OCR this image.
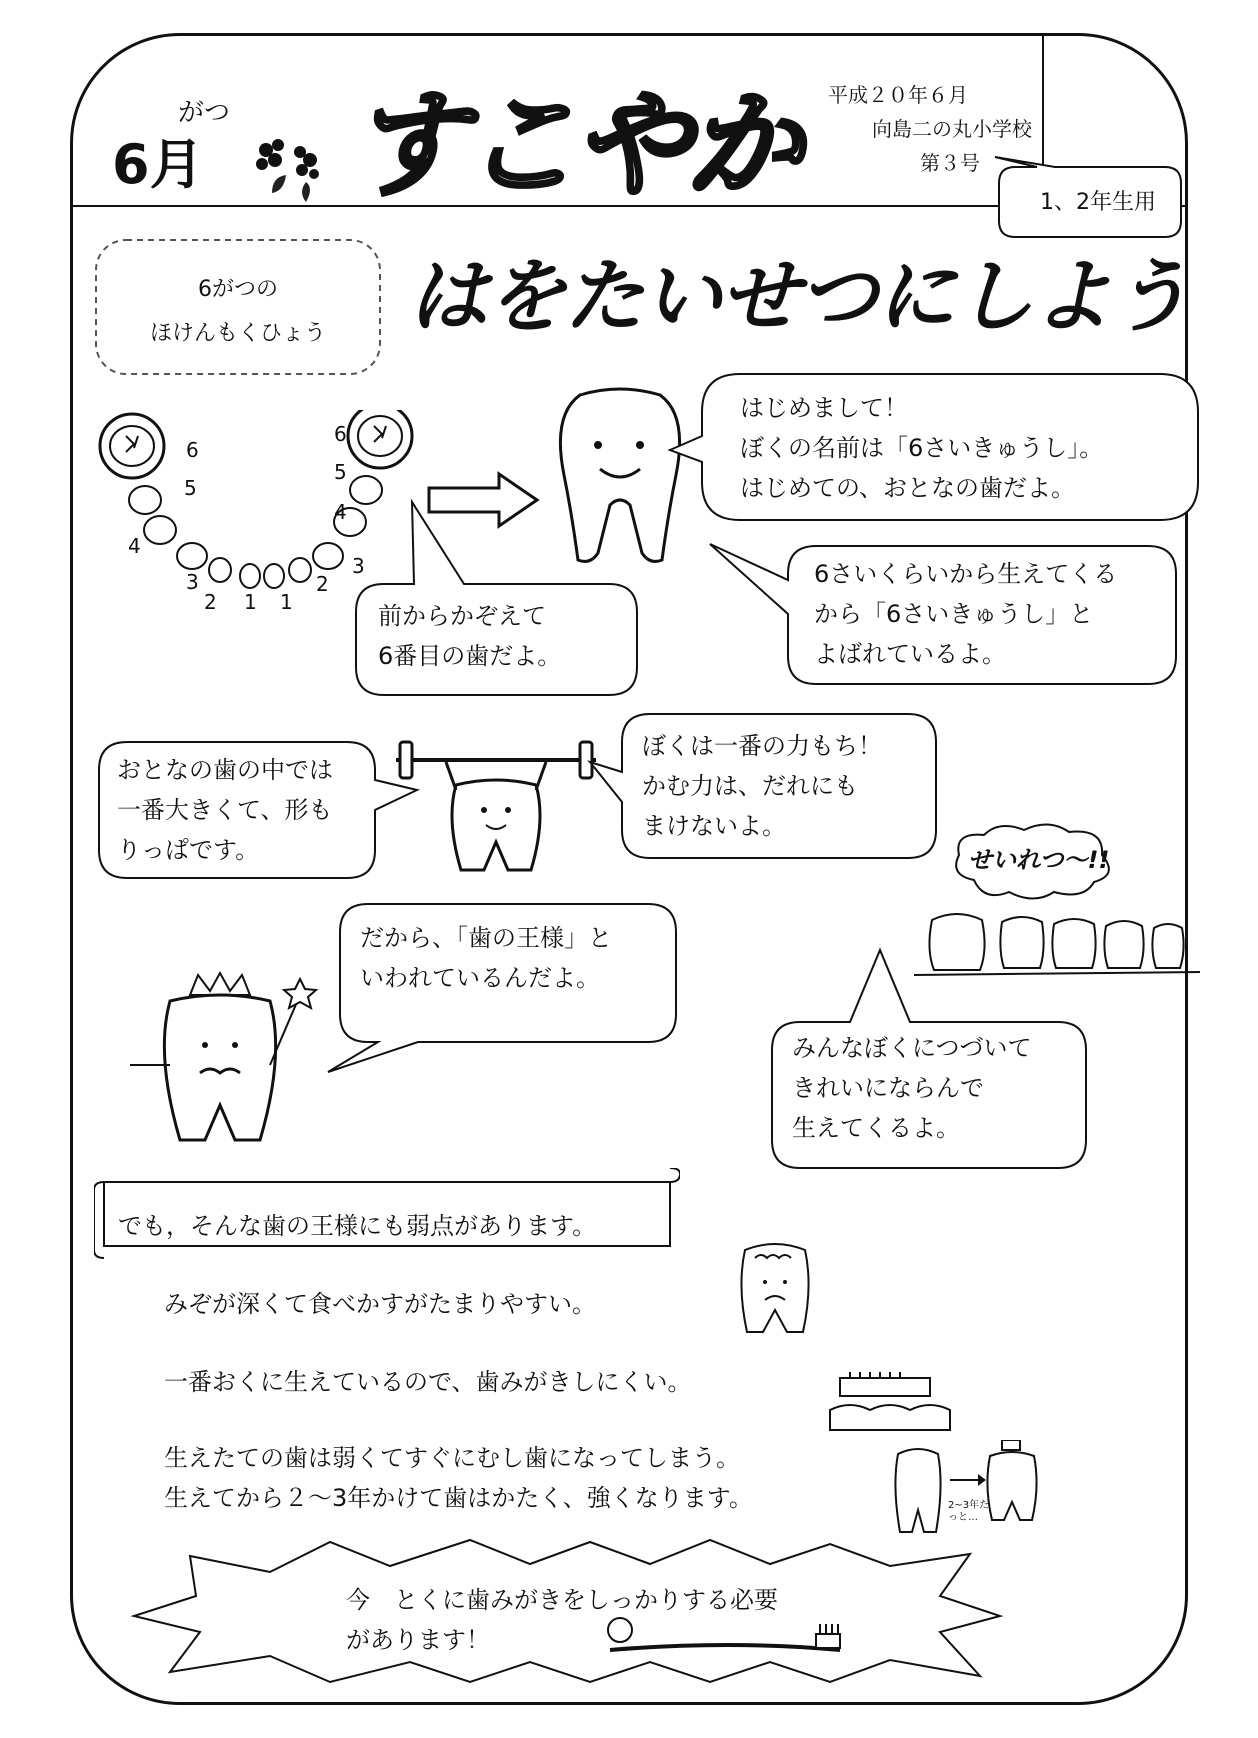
がつ
6月 すこやか	平成２０年６月
向島二の丸小学校
第３号
1、2年生用
6がつの
ほけんもくひょう	はをたいせつにしよう
6
5
4
3
2 1
6
5
4
3
2
1
はじめまして！
ぼくの名前は「6さいきゅうし」。
はじめての、おとなの歯だよ。
前からかぞえて
6番目の歯だよ。
6さいくらいから生えてくる
から「6さいきゅうし」と
よばれているよ。
おとなの歯の中では
一番大きくて、形も
りっぱです。
ぼくは一番の力もち！
かむ力は、だれにも
まけないよ。
せいれつ〜!!
だから、「歯の王様」と
いわれているんだよ。
みんなぼくにつづいて
きれいにならんで
生えてくるよ。
でも，そんな歯の王様にも弱点があります。
みぞが深くて食べかすがたまりやすい。
一番おくに生えているので、歯みがきしにくい。
生えたての歯は弱くてすぐにむし歯になってしまう。
生えてから２〜3年かけて歯はかたく、強くなります。	2~3年たっと…
今　とくに歯みがきをしっかりする必要
があります！
